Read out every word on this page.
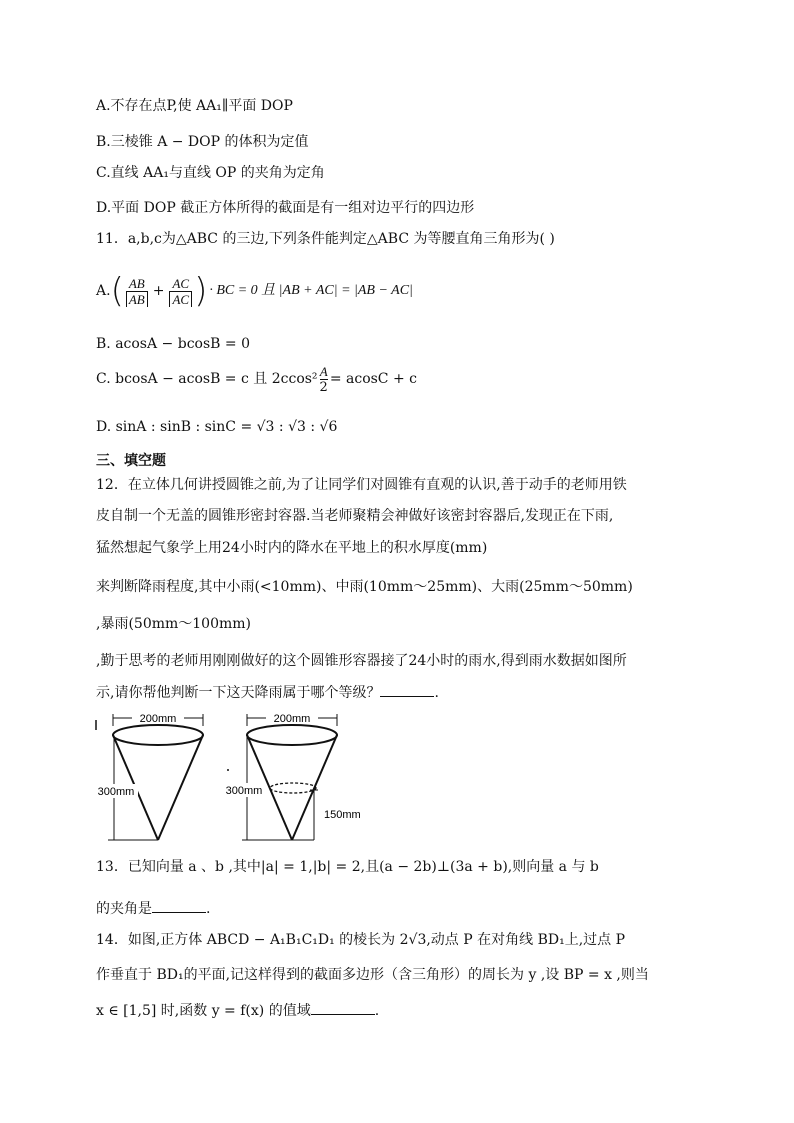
A.不存在点P,使 AA₁∥平面 DOP
B.三棱锥 A − DOP 的体积为定值
C.直线 AA₁与直线 OP 的夹角为定角
D.平面 DOP 截正方体所得的截面是有一组对边平行的四边形
11．a,b,c为△ABC 的三边,下列条件能判定△ABC 为等腰直角三角形为( )
A. ( $\frac{AB}{AB} + \frac{AC}{AC}$ ) · BC = 0 且 |AB + AC| = |AB − AC|
B. acosA − bcosB = 0
C. bcosA − acosB = c 且 $2ccos^2 \frac{A}{2} = acosC + c$
D. sinA : sinB : sinC = √3 : √3 : √6
三、填空题
12．在立体几何讲授圆锥之前,为了让同学们对圆锥有直观的认识,善于动手的老师用铁
皮自制一个无盖的圆锥形密封容器.当老师聚精会神做好该密封容器后,发现正在下雨,
猛然想起气象学上用24小时内的降水在平地上的积水厚度(mm)
来判断降雨程度,其中小雨(<10mm)、中雨(10mm～25mm)、大雨(25mm～50mm)
,暴雨(50mm～100mm)
,勤于思考的老师用刚刚做好的这个圆锥形容器接了24小时的雨水,得到雨水数据如图所
示,请你帮他判断一下这天降雨属于哪个等级？	.
200mm
300mm
200mm
300mm
150mm
13．已知向量 a 、b ,其中|a| = 1,|b| = 2,且(a − 2b)⊥(3a + b),则向量 a 与 b
的夹角是	.
14．如图,正方体 ABCD − A₁B₁C₁D₁ 的棱长为 2√3,动点 P 在对角线 BD₁上,过点 P
作垂直于 BD₁的平面,记这样得到的截面多边形（含三角形）的周长为 y ,设 BP = x ,则当
x ∈ [1,5] 时,函数 y = f(x) 的值域	.
